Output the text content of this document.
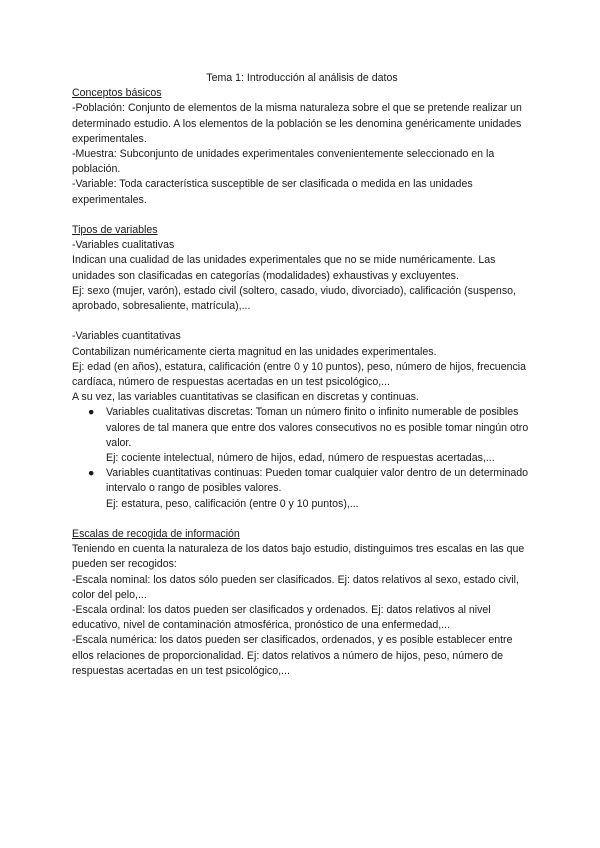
Tema 1: Introducción al análisis de datos

Conceptos básicos

-Población: Conjunto de elementos de la misma naturaleza sobre el que se pretende realizar un determinado estudio. A los elementos de la población se les denomina genéricamente unidades experimentales.

-Muestra: Subconjunto de unidades experimentales convenientemente seleccionado en la población.

-Variable: Toda característica susceptible de ser clasificada o medida en las unidades experimentales.

Tipos de variables

-Variables cualitativas

Indican una cualidad de las unidades experimentales que no se mide numéricamente. Las unidades son clasificadas en categorías (modalidades) exhaustivas y excluyentes.

Ej: sexo (mujer, varón), estado civil (soltero, casado, viudo, divorciado), calificación (suspenso, aprobado, sobresaliente, matrícula),...

-Variables cuantitativas

Contabilizan numéricamente cierta magnitud en las unidades experimentales.

Ej: edad (en años), estatura, calificación (entre 0 y 10 puntos), peso, número de hijos, frecuencia cardíaca, número de respuestas acertadas en un test psicológico,...

A su vez, las variables cuantitativas se clasifican en discretas y continuas.

● Variables cualitativas discretas: Toman un número finito o infinito numerable de posibles valores de tal manera que entre dos valores consecutivos no es posible tomar ningún otro valor.

Ej: cociente intelectual, número de hijos, edad, número de respuestas acertadas,...

● Variables cuantitativas continuas: Pueden tomar cualquier valor dentro de un determinado intervalo o rango de posibles valores.

Ej: estatura, peso, calificación (entre 0 y 10 puntos),...

Escalas de recogida de información

Teniendo en cuenta la naturaleza de los datos bajo estudio, distinguimos tres escalas en las que pueden ser recogidos:

-Escala nominal: los datos sólo pueden ser clasificados. Ej: datos relativos al sexo, estado civil, color del pelo,...

-Escala ordinal: los datos pueden ser clasificados y ordenados. Ej: datos relativos al nivel educativo, nivel de contaminación atmosférica, pronóstico de una enfermedad,...

-Escala numérica: los datos pueden ser clasificados, ordenados, y es posible establecer entre ellos relaciones de proporcionalidad. Ej: datos relativos a número de hijos, peso, número de respuestas acertadas en un test psicológico,...
